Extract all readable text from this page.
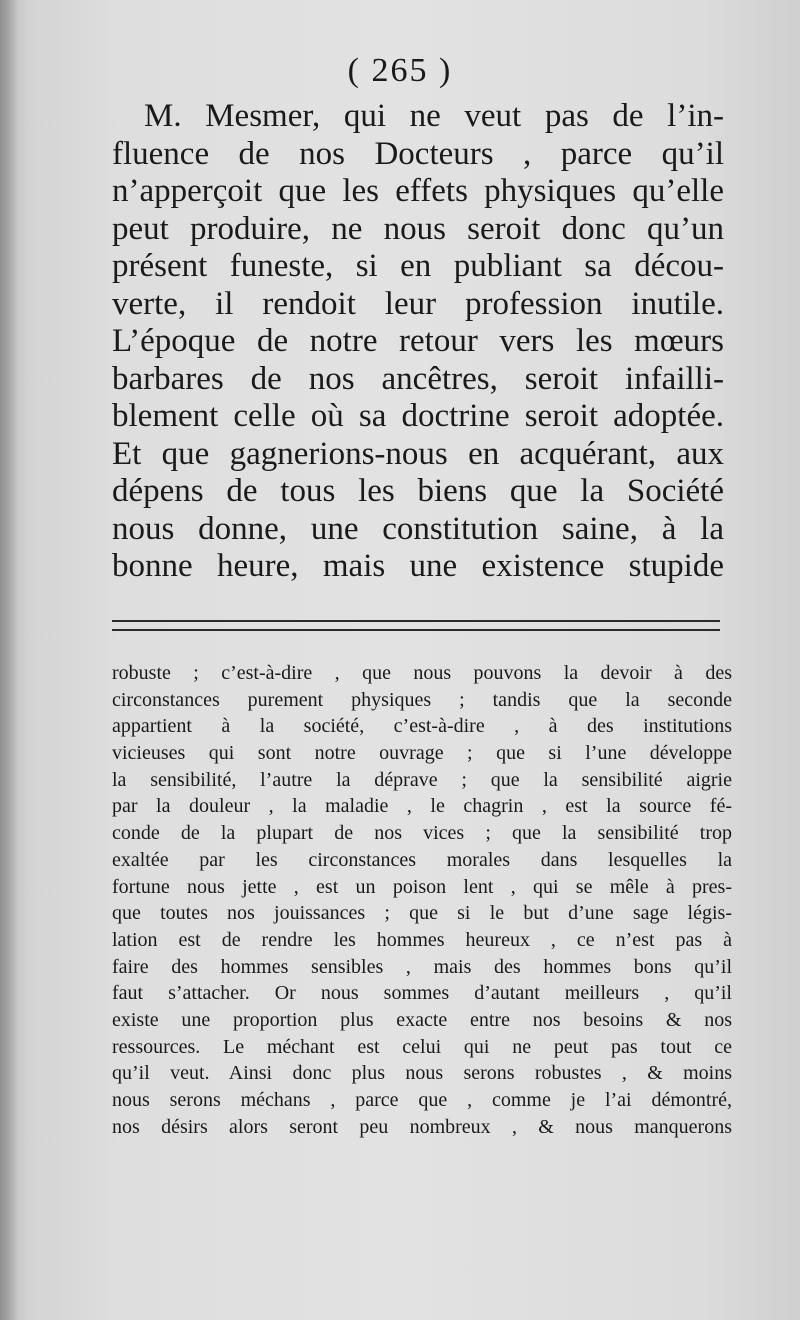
( 265 )
M. Mesmer, qui ne veut pas de l’in-
fluence de nos Docteurs , parce qu’il
n’apperçoit que les effets physiques qu’elle
peut produire, ne nous seroit donc qu’un
présent funeste, si en publiant sa décou-
verte, il rendoit leur profession inutile.
L’époque de notre retour vers les mœurs
barbares de nos ancêtres, seroit infailli-
blement celle où sa doctrine seroit adoptée.
Et que gagnerions-nous en acquérant, aux
dépens de tous les biens que la Société
nous donne, une constitution saine, à la
bonne heure, mais une existence stupide
robuste ; c’est-à-dire , que nous pouvons la devoir à des
circonstances purement physiques ; tandis que la seconde
appartient à la société, c’est-à-dire , à des institutions
vicieuses qui sont notre ouvrage ; que si l’une développe
la sensibilité, l’autre la déprave ; que la sensibilité aigrie
par la douleur , la maladie , le chagrin , est la source fé-
conde de la plupart de nos vices ; que la sensibilité trop
exaltée par les circonstances morales dans lesquelles la
fortune nous jette , est un poison lent , qui se mêle à pres-
que toutes nos jouissances ; que si le but d’une sage légis-
lation est de rendre les hommes heureux , ce n’est pas à
faire des hommes sensibles , mais des hommes bons qu’il
faut s’attacher. Or nous sommes d’autant meilleurs , qu’il
existe une proportion plus exacte entre nos besoins & nos
ressources. Le méchant est celui qui ne peut pas tout ce
qu’il veut. Ainsi donc plus nous serons robustes , & moins
nous serons méchans , parce que , comme je l’ai démontré,
nos désirs alors seront peu nombreux , & nous manquerons
